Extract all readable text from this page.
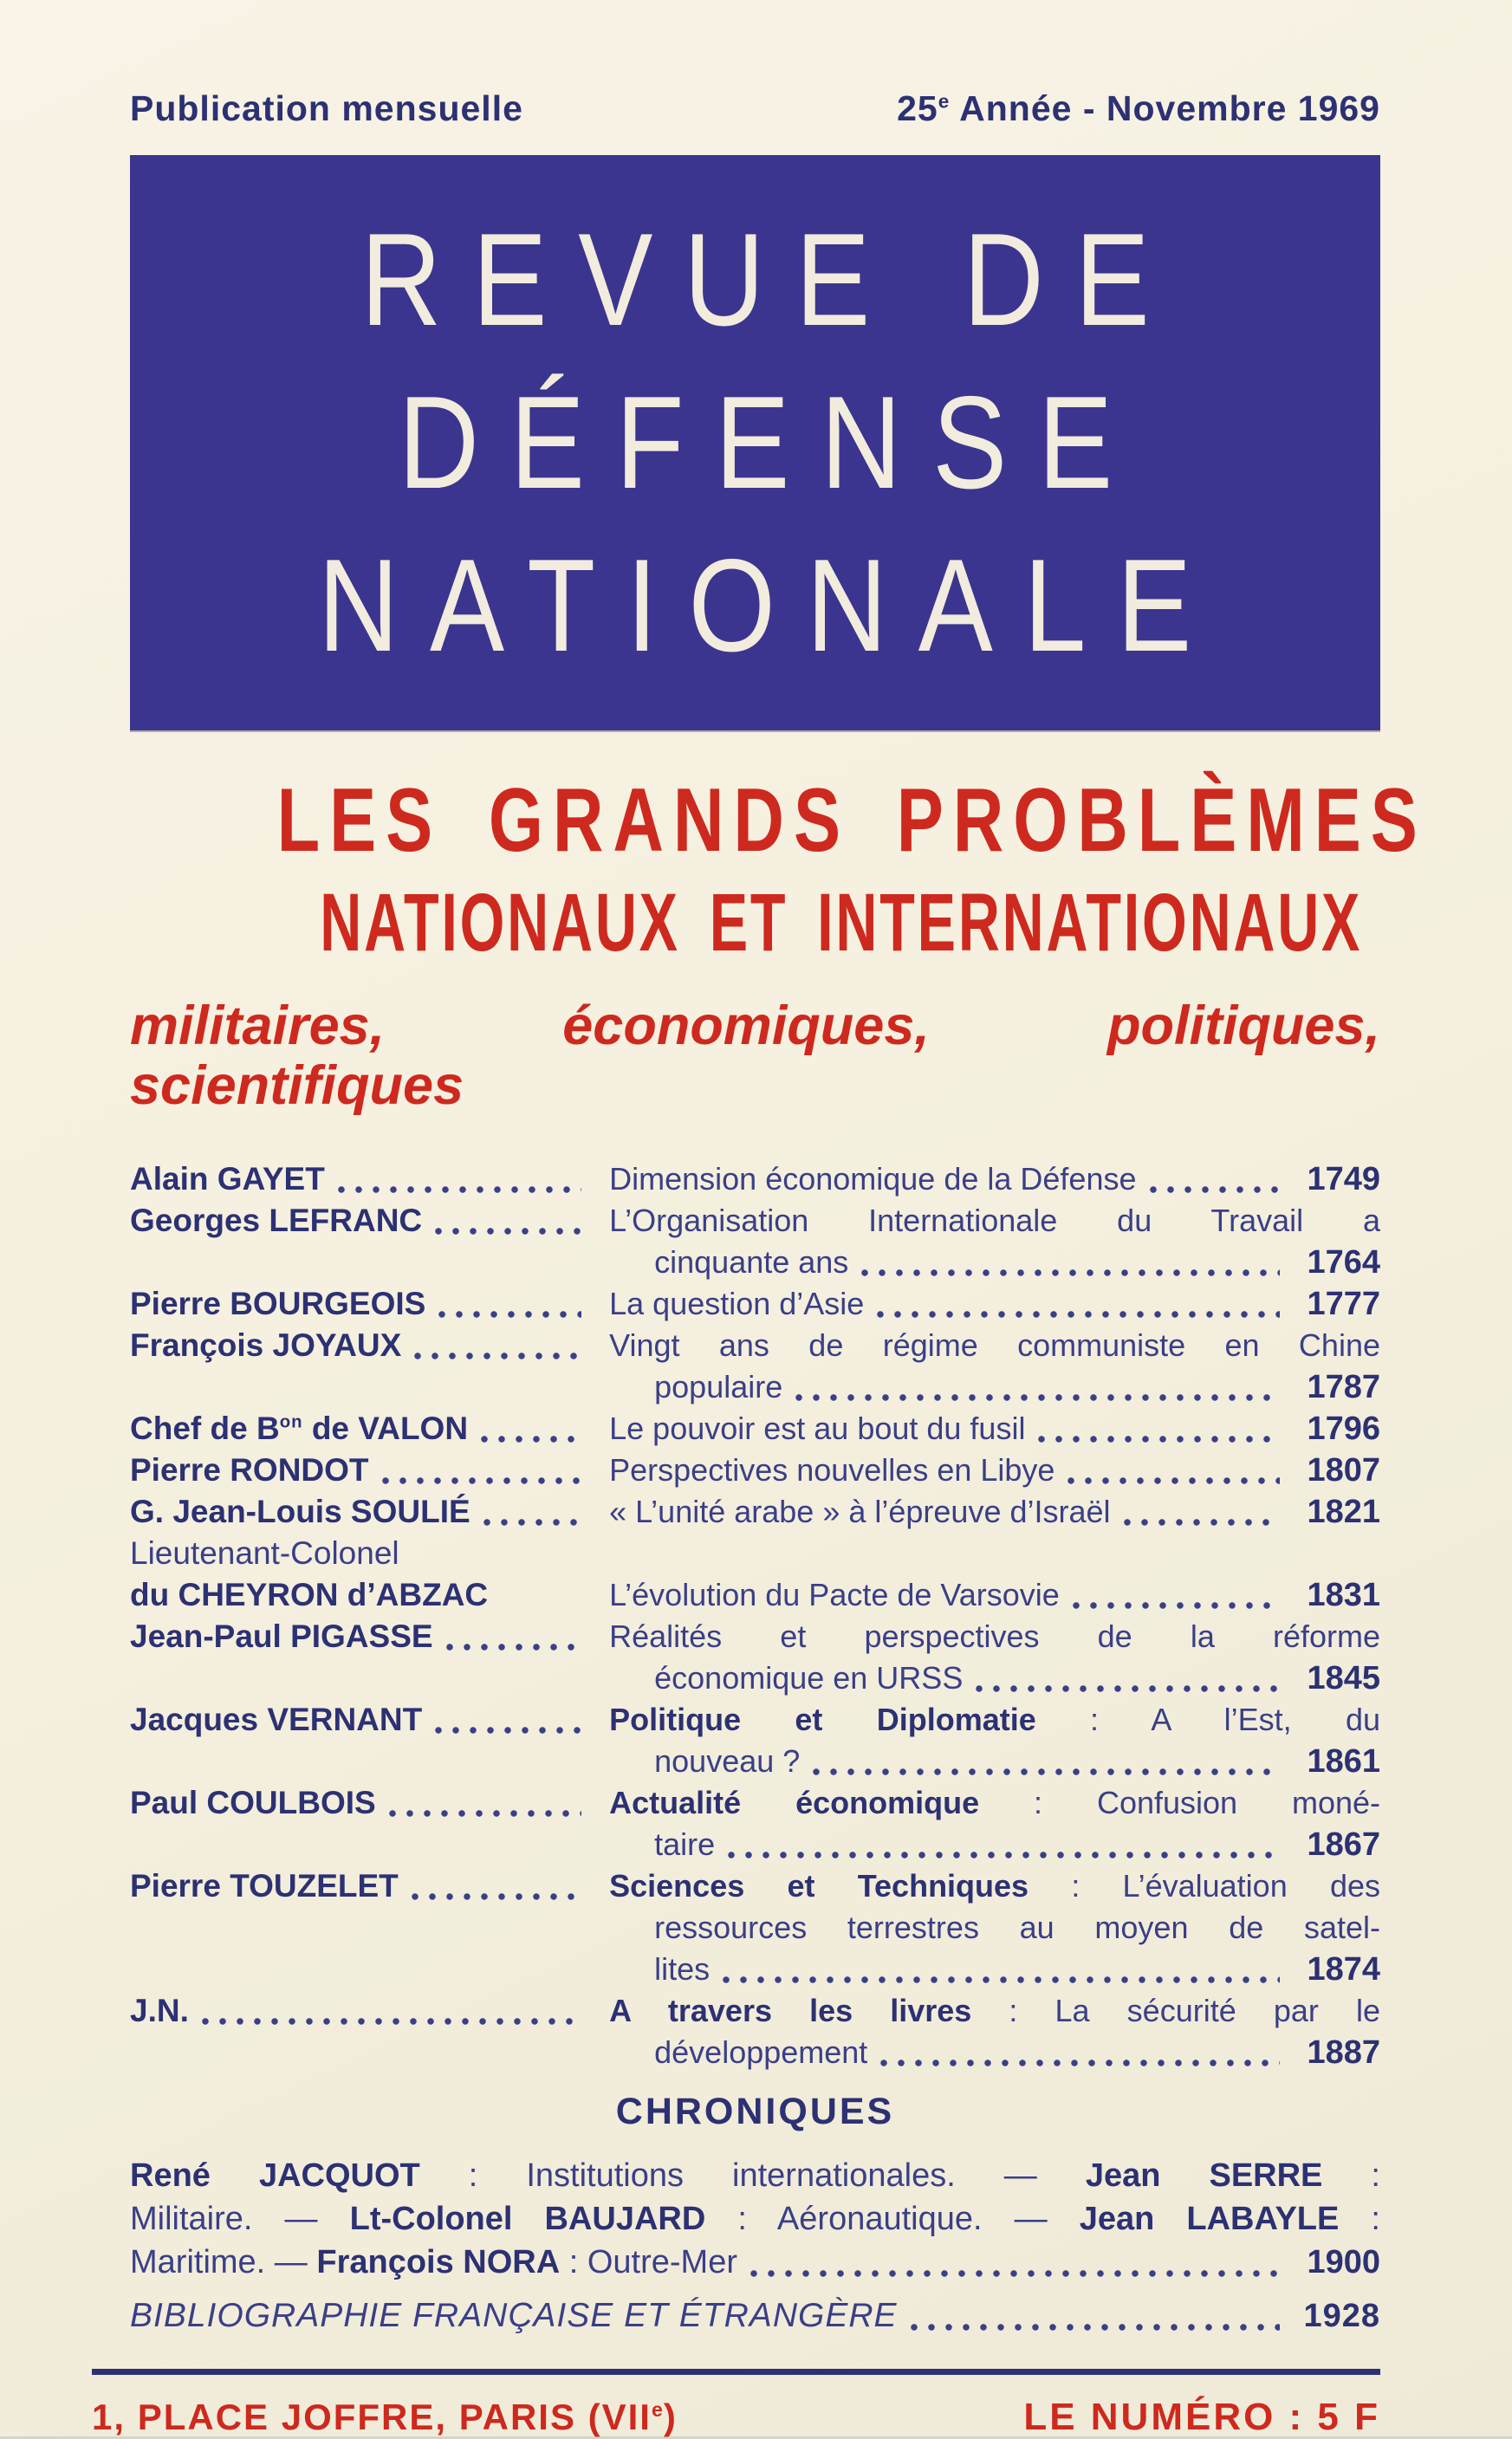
Publication mensuelle	25e Année - Novembre 1969
REVUE DE
DÉFENSE
NATIONALE
LES GRANDS PROBLÈMES
NATIONAUX ET INTERNATIONAUX
militaires, économiques, politiques, scientifiques
Alain GAYET	Dimension économique de la Défense	1749
Georges LEFRANC	L’Organisation Internationale du Travail a
cinquante ans	1764
Pierre BOURGEOIS	La question d’Asie	1777
François JOYAUX	Vingt ans de régime communiste en Chine
populaire	1787
Chef de $B^{on}$ de VALON	Le pouvoir est au bout du fusil	1796
Pierre RONDOT	Perspectives nouvelles en Libye	1807
G. Jean-Louis SOULIÉ	« L’unité arabe » à l’épreuve d’Israël	1821
Lieutenant-Colonel
du CHEYRON d’ABZAC	L’évolution du Pacte de Varsovie	1831
Jean-Paul PIGASSE	Réalités et perspectives de la réforme
économique en URSS	1845
Jacques VERNANT	Politique et Diplomatie : A l’Est, du
nouveau ?	1861
Paul COULBOIS	Actualité économique : Confusion moné-
taire	1867
Pierre TOUZELET	Sciences et Techniques : L’évaluation des
ressources terrestres au moyen de satel-
lites	1874
J.N.	A travers les livres : La sécurité par le
développement	1887
CHRONIQUES
René JACQUOT : Institutions internationales. — Jean SERRE :
Militaire. — Lt-Colonel BAUJARD : Aéronautique. — Jean LABAYLE :
Maritime. — François NORA : Outre-Mer	1900
BIBLIOGRAPHIE FRANÇAISE ET ÉTRANGÈRE	1928
1, PLACE JOFFRE, PARIS (VIIe)	LE NUMÉRO : 5 F
